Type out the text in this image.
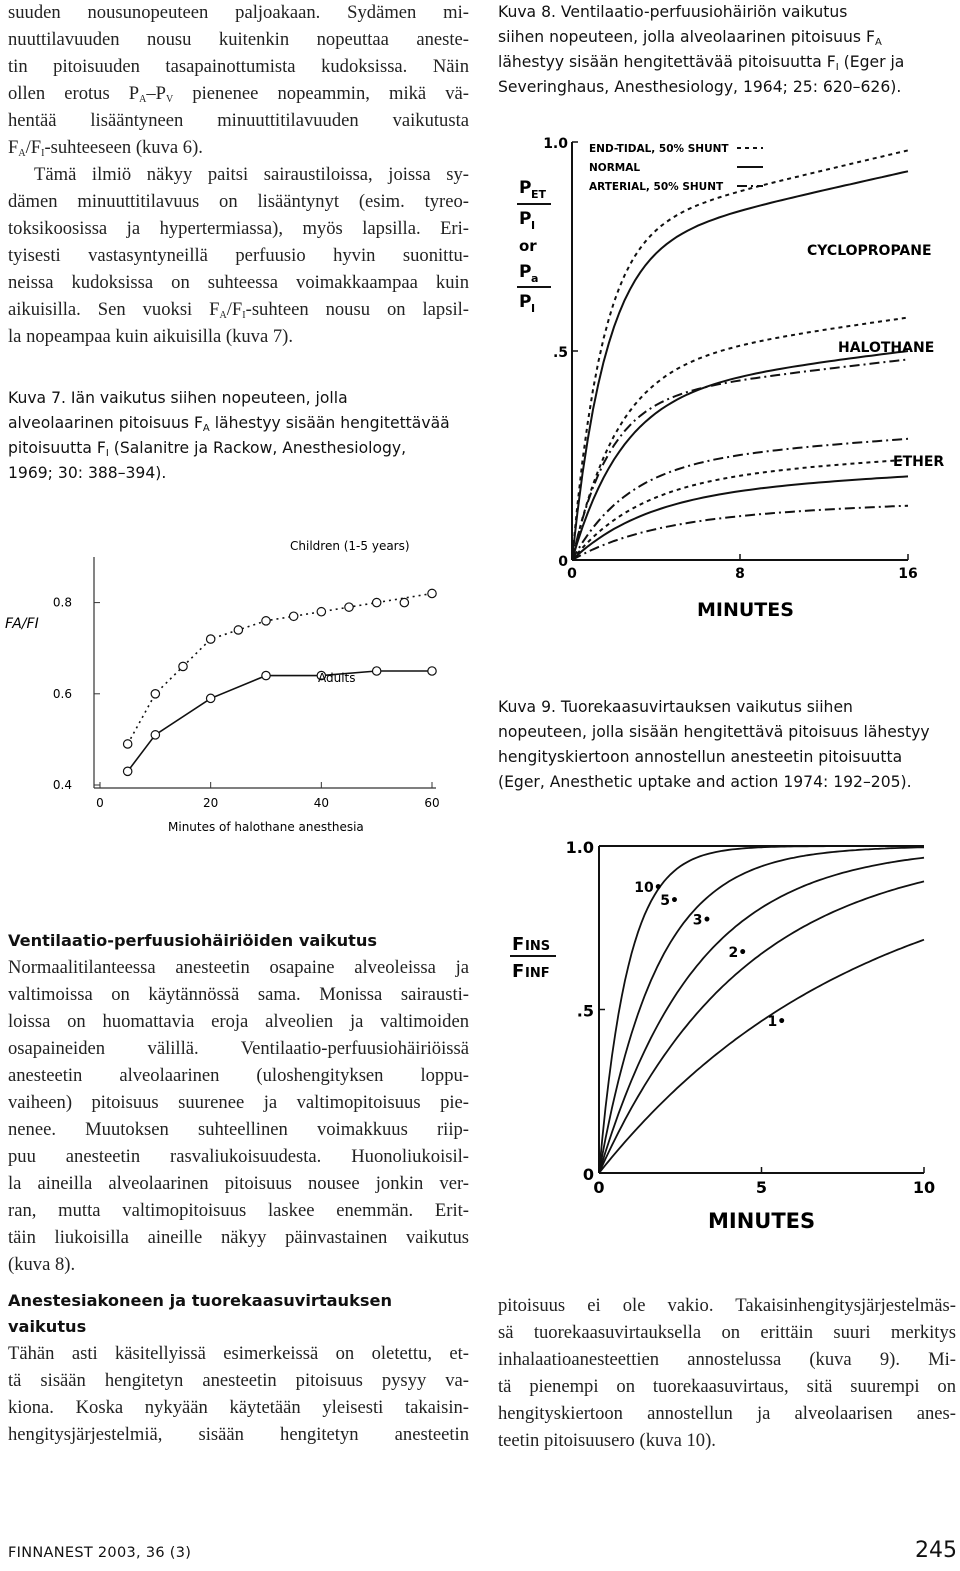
suuden nousunopeuteen paljoakaan. Sydämen mi-
nuuttilavuuden nousu kuitenkin nopeuttaa aneste-
tin pitoisuuden tasapainottumista kudoksissa. Näin
ollen erotus $P_A-P_V$ pienenee nopeammin, mikä vä-
hentää lisääntyneen minuuttitilavuuden vaikutusta
$F_A/F_I$-suhteeseen (kuva 6).
Tämä ilmiö näkyy paitsi sairaustiloissa, joissa sy-
dämen minuuttitilavuus on lisääntynyt (esim. tyreo-
toksikoosissa ja hypertermiassa), myös lapsilla. Eri-
tyisesti vastasyntyneillä perfuusio hyvin suonittu-
neissa kudoksissa on suhteessa voimakkaampaa kuin
aikuisilla. Sen vuoksi $F_A/F_I$-suhteen nousu on lapsil-
la nopeampaa kuin aikuisilla (kuva 7).
Kuva 7. Iän vaikutus siihen nopeuteen, jolla
alveolaarinen pitoisuus $F_A$ lähestyy sisään hengitettävää
pitoisuutta $F_I$ (Salanitre ja Rackow, Anesthesiology,
1969; 30: 388–394).
0.4
0.6
0.8
0	20	40	60
FA/FI
Minutes of halothane anesthesia
Children (1-5 years)
Adults
Ventilaatio-perfuusiohäiriöiden vaikutus
Normaalitilanteessa anesteetin osapaine alveoleissa ja
valtimoissa on käytännössä sama. Monissa sairausti-
loissa on huomattavia eroja alveolien ja valtimoiden
osapaineiden välillä. Ventilaatio-perfuusiohäiriöissä
anesteetin alveolaarinen (uloshengityksen loppu-
vaiheen) pitoisuus suurenee ja valtimopitoisuus pie-
nenee. Muutoksen suhteellinen voimakkuus riip-
puu anesteetin rasvaliukoisuudesta. Huonoliukoisil-
la aineilla alveolaarinen pitoisuus nousee jonkin ver-
ran, mutta valtimopitoisuus laskee enemmän. Erit-
täin liukoisilla aineille näkyy päinvastainen vaikutus
(kuva 8).
Anestesiakoneen ja tuorekaasuvirtauksen
vaikutus
Tähän asti käsitellyissä esimerkeissä on oletettu, et-
tä sisään hengitetyn anesteetin pitoisuus pysyy va-
kiona. Koska nykyään käytetään yleisesti takaisin-
hengitysjärjestelmiä, sisään hengitetyn anesteetin
Kuva 8. Ventilaatio-perfuusiohäiriön vaikutus
siihen nopeuteen, jolla alveolaarinen pitoisuus $F_A$
lähestyy sisään hengitettävää pitoisuutta $F_I$ (Eger ja
Severinghaus, Anesthesiology, 1964; 25: 620–626).
0
.5
1.0
0	8	16
END-TIDAL, 50% SHUNT
NORMAL
ARTERIAL, 50% SHUNT
P ET
P I
or
P a
P I
MINUTES
CYCLOPROPANE
HALOTHANE
ETHER
Kuva 9. Tuorekaasuvirtauksen vaikutus siihen
nopeuteen, jolla sisään hengitettävä pitoisuus lähestyy
hengityskiertoon annostellun anesteetin pitoisuutta
(Eger, Anesthetic uptake and action 1974: 192–205).
0
.5
1.0
0	5	10
10•
5•
3•
2•
1•
F INS
F INF
MINUTES
pitoisuus ei ole vakio. Takaisinhengitysjärjestelmäs-
sä tuorekaasuvirtauksella on erittäin suuri merkitys
inhalaatioanesteettien annostelussa (kuva 9). Mi-
tä pienempi on tuorekaasuvirtaus, sitä suurempi on
hengityskiertoon annostellun ja alveolaarisen anes-
teetin pitoisuusero (kuva 10).
FINNANEST 2003, 36 (3)	245
